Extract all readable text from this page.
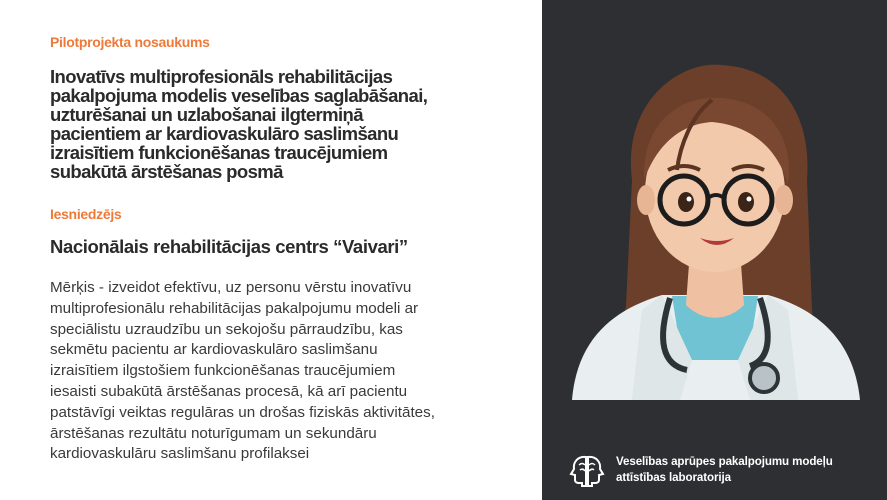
Pilotprojekta nosaukums
Inovatīvs multiprofesionāls rehabilitācijas
pakalpojuma modelis veselības saglabāšanai,
uzturēšanai un uzlabošanai ilgtermiņā
pacientiem ar kardiovaskulāro saslimšanu
izraisītiem funkcionēšanas traucējumiem
subakūtā ārstēšanas posmā
Iesniedzējs
Nacionālais rehabilitācijas centrs “Vaivari”
Mērķis - izveidot efektīvu, uz personu vērstu inovatīvu
multiprofesionālu rehabilitācijas pakalpojumu modeli ar
speciālistu uzraudzību un sekojošu pārraudzību, kas
sekmētu pacientu ar kardiovaskulāro saslimšanu
izraisītiem ilgstošiem funkcionēšanas traucējumiem
iesaisti subakūtā ārstēšanas procesā, kā arī pacientu
patstāvīgi veiktas regulāras un drošas fiziskās aktivitātes,
ārstēšanas rezultātu noturīgumam un sekundāru
kardiovaskulāru saslimšanu profilaksei	Veselības aprūpes pakalpojumu modeļu
attīstības laboratorija
